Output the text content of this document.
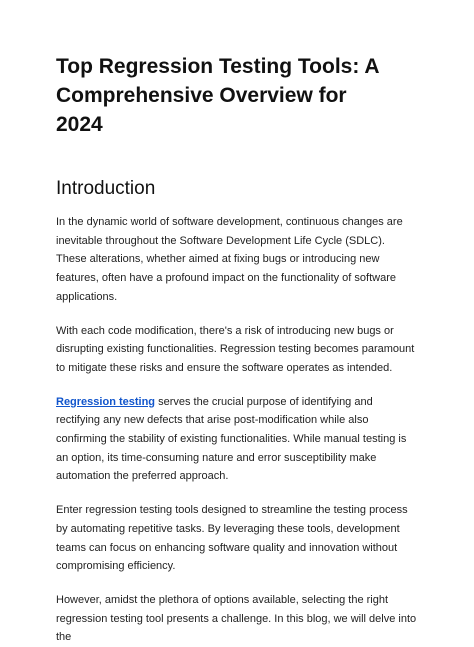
Top Regression Testing Tools: A Comprehensive Overview for 2024
Introduction

In the dynamic world of software development, continuous changes are inevitable throughout the Software Development Life Cycle (SDLC). These alterations, whether aimed at fixing bugs or introducing new features, often have a profound impact on the functionality of software applications.

With each code modification, there's a risk of introducing new bugs or disrupting existing functionalities. Regression testing becomes paramount to mitigate these risks and ensure the software operates as intended.

Regression testing serves the crucial purpose of identifying and rectifying any new defects that arise post-modification while also confirming the stability of existing functionalities. While manual testing is an option, its time-consuming nature and error susceptibility make automation the preferred approach.

Enter regression testing tools designed to streamline the testing process by automating repetitive tasks. By leveraging these tools, development teams can focus on enhancing software quality and innovation without compromising efficiency.

However, amidst the plethora of options available, selecting the right regression testing tool presents a challenge. In this blog, we will delve into the
